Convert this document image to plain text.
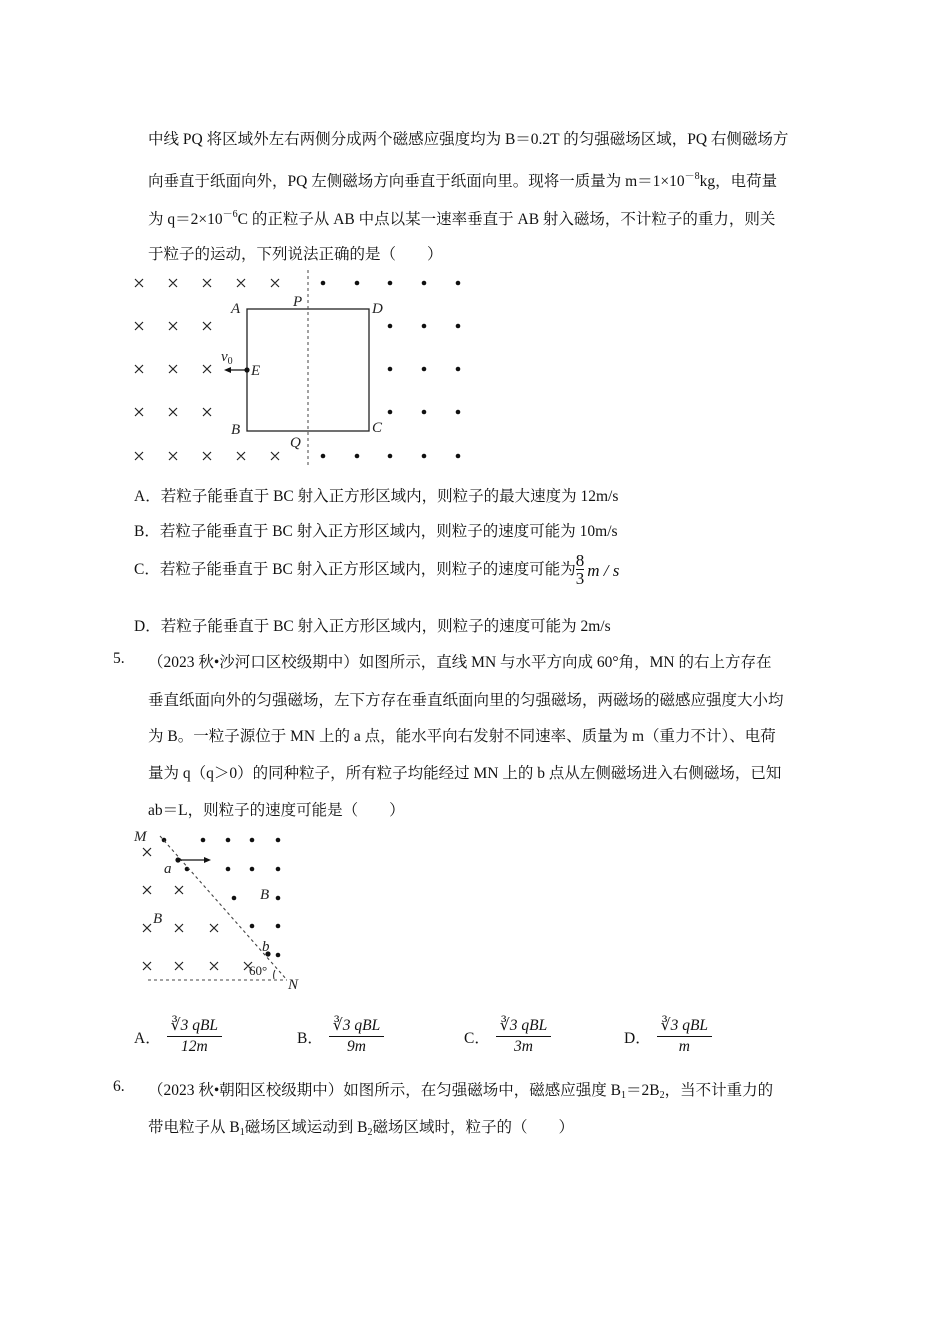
中线 PQ 将区域外左右两侧分成两个磁感应强度均为 B＝0.2T 的匀强磁场区域，PQ 右侧磁场方
向垂直于纸面向外，PQ 左侧磁场方向垂直于纸面向里。现将一质量为 $m=1\times 10^{-8}kg$，电荷量
为 $q=2\times 10^{-6}C$ 的正粒子从 AB 中点以某一速率垂直于 AB 射入磁场，不计粒子的重力，则关
于粒子的运动，下列说法正确的是（　　）
A	P	D
$v_0$
E
B
Q
C
A．若粒子能垂直于 BC 射入正方形区域内，则粒子的最大速度为 12m/s
B．若粒子能垂直于 BC 射入正方形区域内，则粒子的速度可能为 10m/s
C．若粒子能垂直于 BC 射入正方形区域内，则粒子的速度可能为 $\frac{8}{3}$ m / s
D．若粒子能垂直于 BC 射入正方形区域内，则粒子的速度可能为 2m/s
5. （2023 秋•沙河口区校级期中）如图所示，直线 MN 与水平方向成 60°角，MN 的右上方存在
垂直纸面向外的匀强磁场，左下方存在垂直纸面向里的匀强磁场，两磁场的磁感应强度大小均
为 B。一粒子源位于 MN 上的 a 点，能水平向右发射不同速率、质量为 m（重力不计）、电荷
量为 q（q＞0）的同种粒子，所有粒子均能经过 MN 上的 b 点从左侧磁场进入右侧磁场，已知
ab＝L，则粒子的速度可能是（　　）
M
a
B
B
b
60°
N
A． $\frac{\text{∛3 qBL}}{12m}$	B． $\frac{\text{∛3 qBL}}{9m}$	C． $\frac{\text{∛3 qBL}}{3m}$	D． $\frac{\text{∛3 qBL}}{m}$
6. （2023 秋•朝阳区校级期中）如图所示，在匀强磁场中，磁感应强度 $B_1=2B_2$，当不计重力的
带电粒子从 $B_1$磁场区域运动到 $B_2$磁场区域时，粒子的（　　）
